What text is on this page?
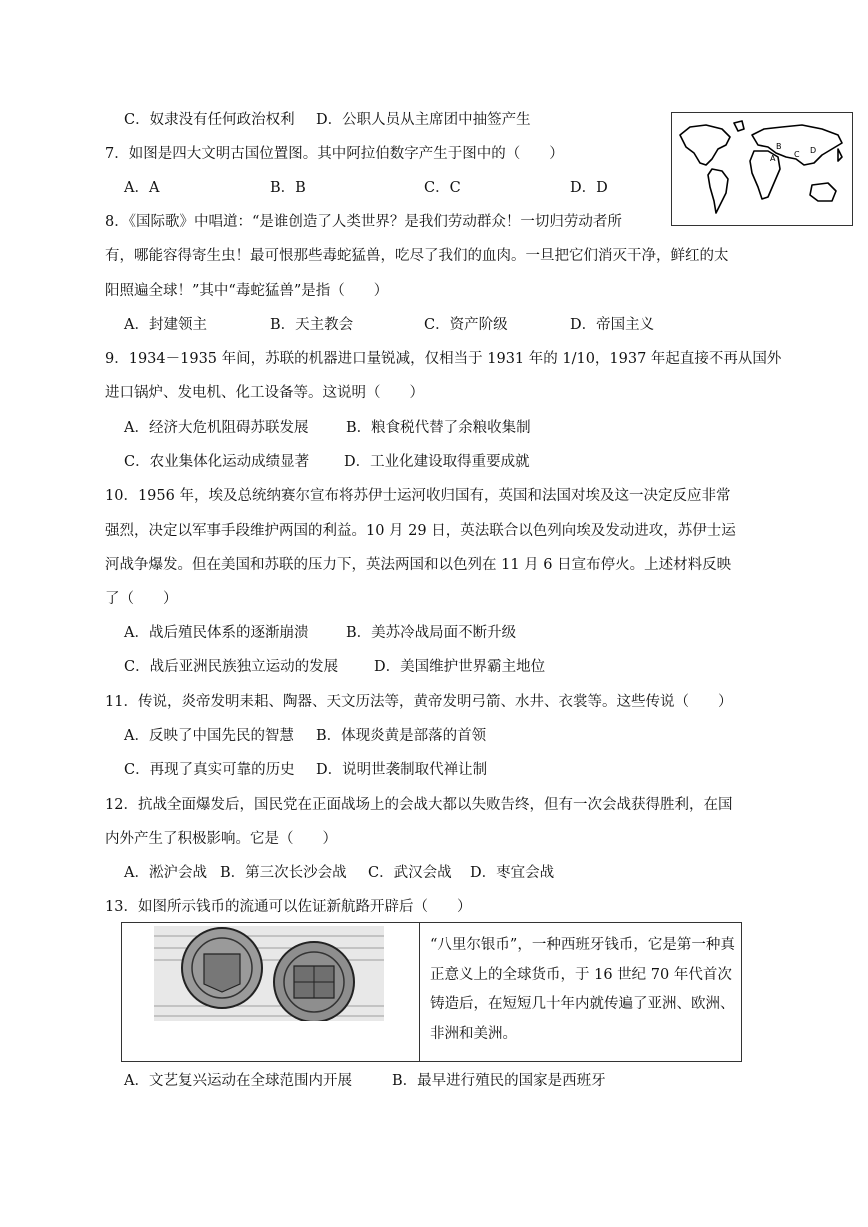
C．奴隶没有任何政治权利 D．公职人员从主席团中抽签产生
A
B
C D
7．如图是四大文明古国位置图。其中阿拉伯数字产生于图中的（　　）
A．A	B．B	C．C	D．D
8．《国际歌》中唱道：“是谁创造了人类世界？是我们劳动群众！一切归劳动者所
有，哪能容得寄生虫！最可恨那些毒蛇猛兽，吃尽了我们的血肉。一旦把它们消灭干净，鲜红的太
阳照遍全球！”其中“毒蛇猛兽”是指（　　）
A．封建领主	B．天主教会	C．资产阶级	D．帝国主义
9．1934－1935 年间，苏联的机器进口量锐减，仅相当于 1931 年的 1/10，1937 年起直接不再从国外
进口锅炉、发电机、化工设备等。这说明（　　）
A．经济大危机阻碍苏联发展	B．粮食税代替了余粮收集制
C．农业集体化运动成绩显著 D．工业化建设取得重要成就
10．1956 年，埃及总统纳赛尔宣布将苏伊士运河收归国有，英国和法国对埃及这一决定反应非常
强烈，决定以军事手段维护两国的利益。10 月 29 日，英法联合以色列向埃及发动进攻，苏伊士运
河战争爆发。但在美国和苏联的压力下，英法两国和以色列在 11 月 6 日宣布停火。上述材料反映
了（　　）
A．战后殖民体系的逐渐崩溃	B．美苏冷战局面不断升级
C．战后亚洲民族独立运动的发展 D．美国维护世界霸主地位
11．传说，炎帝发明耒耜、陶器、天文历法等，黄帝发明弓箭、水井、衣裳等。这些传说（　　）
A．反映了中国先民的智慧 B．体现炎黄是部落的首领
C．再现了真实可靠的历史 D．说明世袭制取代禅让制
12．抗战全面爆发后，国民党在正面战场上的会战大都以失败告终，但有一次会战获得胜利，在国
内外产生了积极影响。它是（　　）
A．淞沪会战 B．第三次长沙会战 C．武汉会战 D．枣宜会战
13．如图所示钱币的流通可以佐证新航路开辟后（　　）
“八里尔银币”，一种西班牙钱币，它是第一种真正意义上的全球货币，于 16 世纪 70 年代首次铸造后，在短短几十年内就传遍了亚洲、欧洲、非洲和美洲。
A．文艺复兴运动在全球范围内开展	B．最早进行殖民的国家是西班牙
